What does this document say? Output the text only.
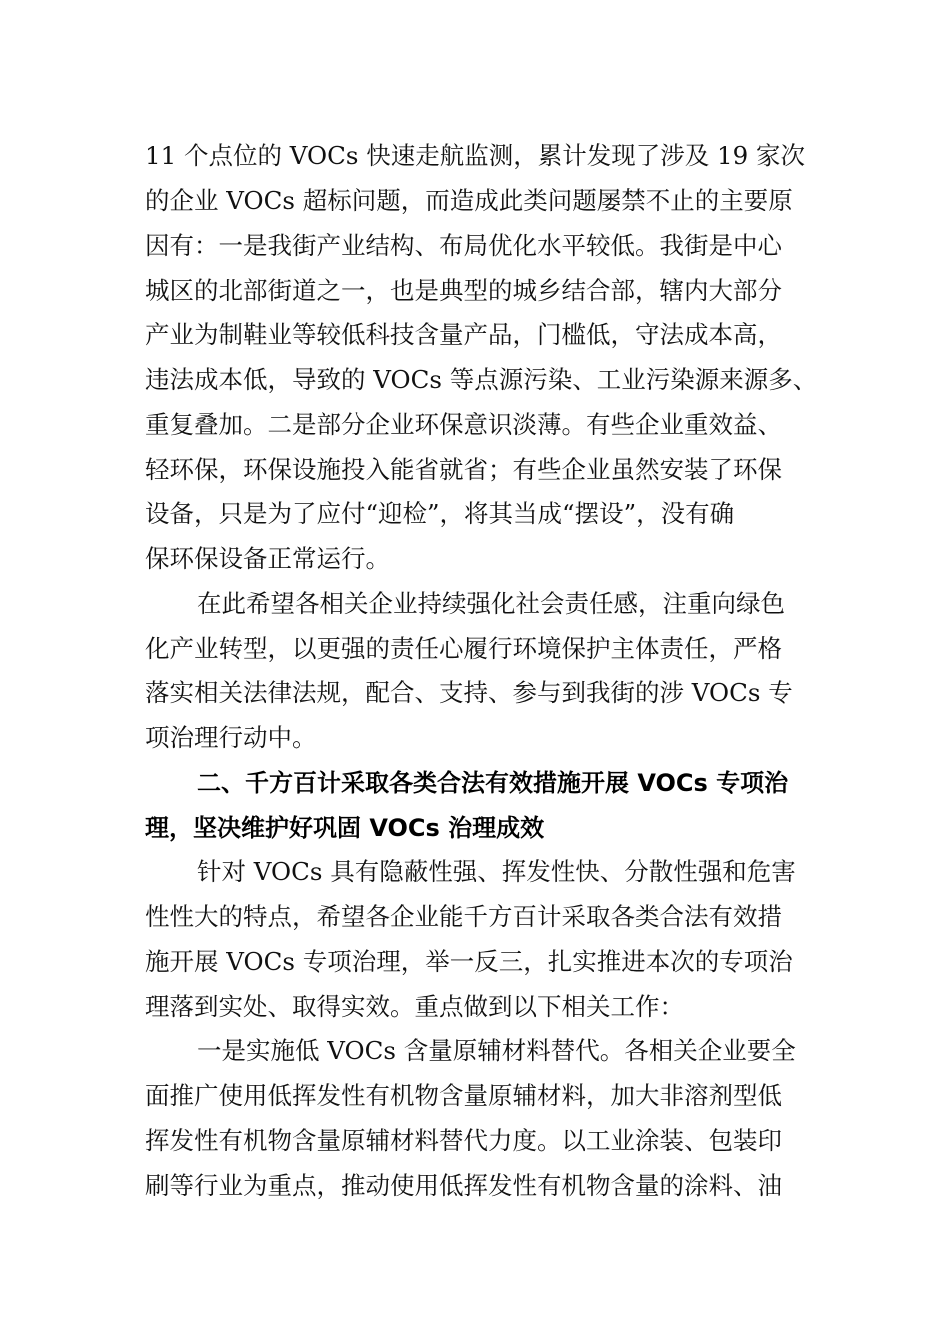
11 个点位的 VOCs 快速走航监测，累计发现了涉及 19 家次
的企业 VOCs 超标问题，而造成此类问题屡禁不止的主要原
因有：一是我街产业结构、布局优化水平较低。我街是中心
城区的北部街道之一，也是典型的城乡结合部，辖内大部分
产业为制鞋业等较低科技含量产品，门槛低，守法成本高，
违法成本低，导致的 VOCs 等点源污染、工业污染源来源多、
重复叠加。二是部分企业环保意识淡薄。有些企业重效益、
轻环保，环保设施投入能省就省；有些企业虽然安装了环保
设备，只是为了应付“迎检”，将其当成“摆设”，没有确
保环保设备正常运行。
在此希望各相关企业持续强化社会责任感，注重向绿色
化产业转型，以更强的责任心履行环境保护主体责任，严格
落实相关法律法规，配合、支持、参与到我街的涉 VOCs 专
项治理行动中。
二、千方百计采取各类合法有效措施开展 VOCs 专项治
理，坚决维护好巩固 VOCs 治理成效
针对 VOCs 具有隐蔽性强、挥发性快、分散性强和危害
性性大的特点，希望各企业能千方百计采取各类合法有效措
施开展 VOCs 专项治理，举一反三，扎实推进本次的专项治
理落到实处、取得实效。重点做到以下相关工作：
一是实施低 VOCs 含量原辅材料替代。各相关企业要全
面推广使用低挥发性有机物含量原辅材料，加大非溶剂型低
挥发性有机物含量原辅材料替代力度。以工业涂装、包装印
刷等行业为重点，推动使用低挥发性有机物含量的涂料、油
